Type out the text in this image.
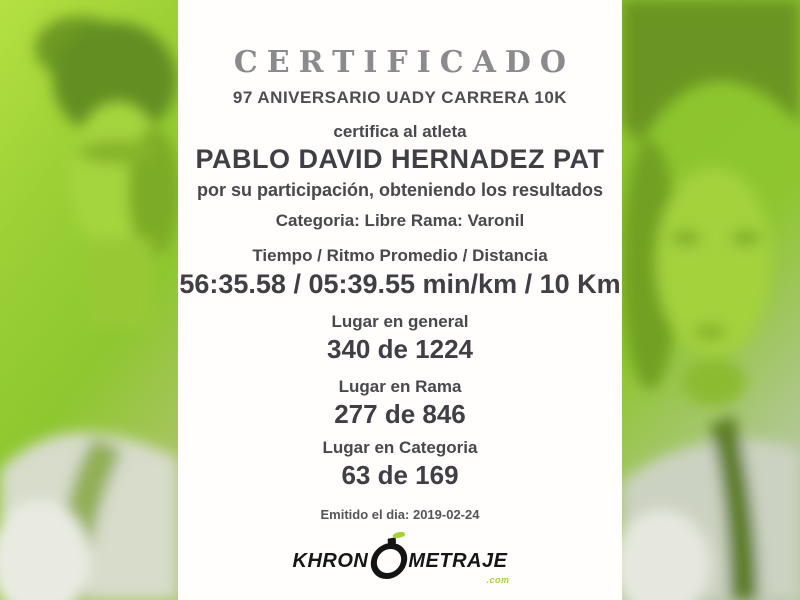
CERTIFICADO
97 ANIVERSARIO UADY CARRERA 10K
certifica al atleta
PABLO DAVID HERNADEZ PAT
por su participación, obteniendo los resultados
Categoria: Libre Rama: Varonil
Tiempo / Ritmo Promedio / Distancia
56:35.58 / 05:39.55 min/km / 10 Km
Lugar en general
340 de 1224
Lugar en Rama
277 de 846
Lugar en Categoria
63 de 169
Emitido el dia: 2019-02-24
KHRON METRAJE
.com
